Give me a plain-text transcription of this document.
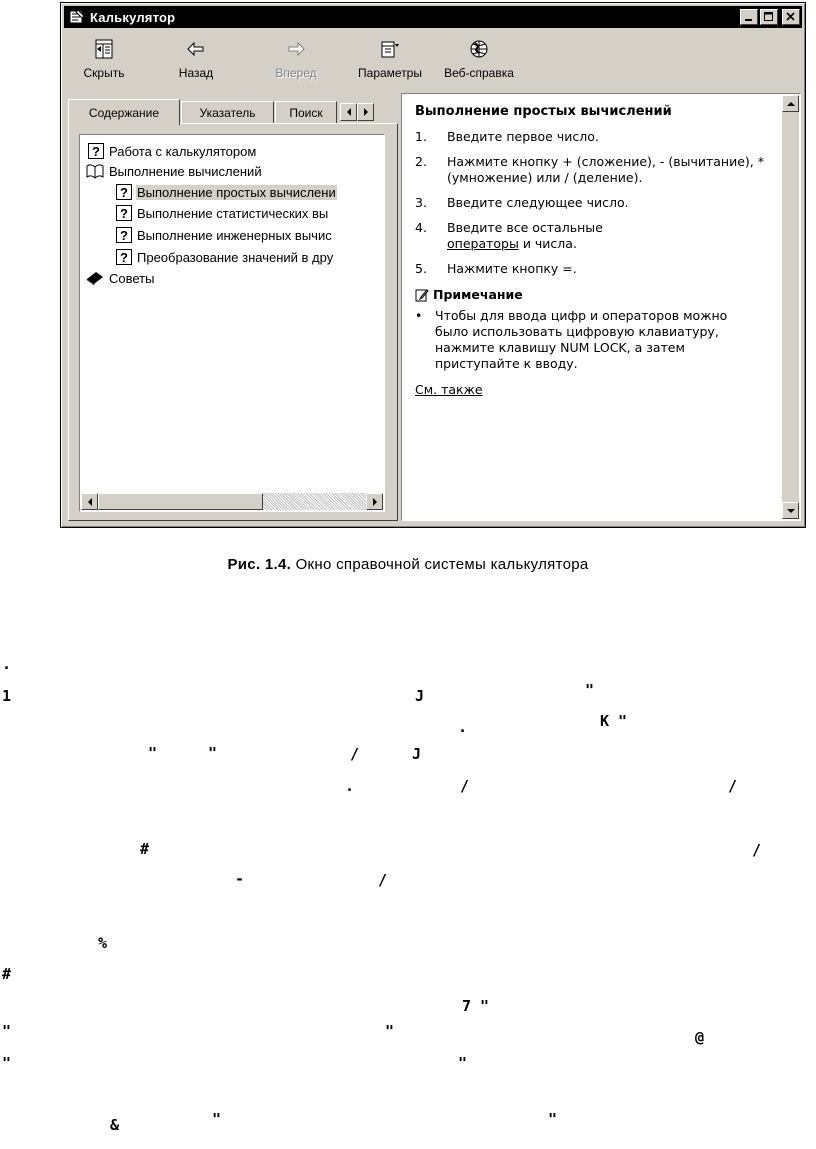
Калькулятор
Скрыть	Назад	Вперед	Параметры Веб-справка
Содержание	Указатель	Поиск
? Работа с калькулятором
Выполнение вычислений
? Выполнение простых вычислени
? Выполнение статистических вы
? Выполнение инженерных вычис
? Преобразование значений в дру
Советы
Выполнение простых вычислений
1.	Введите первое число.
2.	Нажмите кнопку + (сложение), - (вычитание), * (умножение) или / (деление).
3.	Введите следующее число.
4.	Введите все остальные
операторы и числа.
5.	Нажмите кнопку =.
Примечание
•	Чтобы для ввода цифр и операторов можно было использовать цифровую клавиатуру, нажмите клавишу NUM LOCK, а затем приступайте к вводу.
См. также
Рис. 1.4. Окно справочной системы калькулятора
.
1	J	"
.	K "
"	"	/	J
.	/	/
#	/
-	/
%
#
7 "
"	"	@
"	"
&	"	"
